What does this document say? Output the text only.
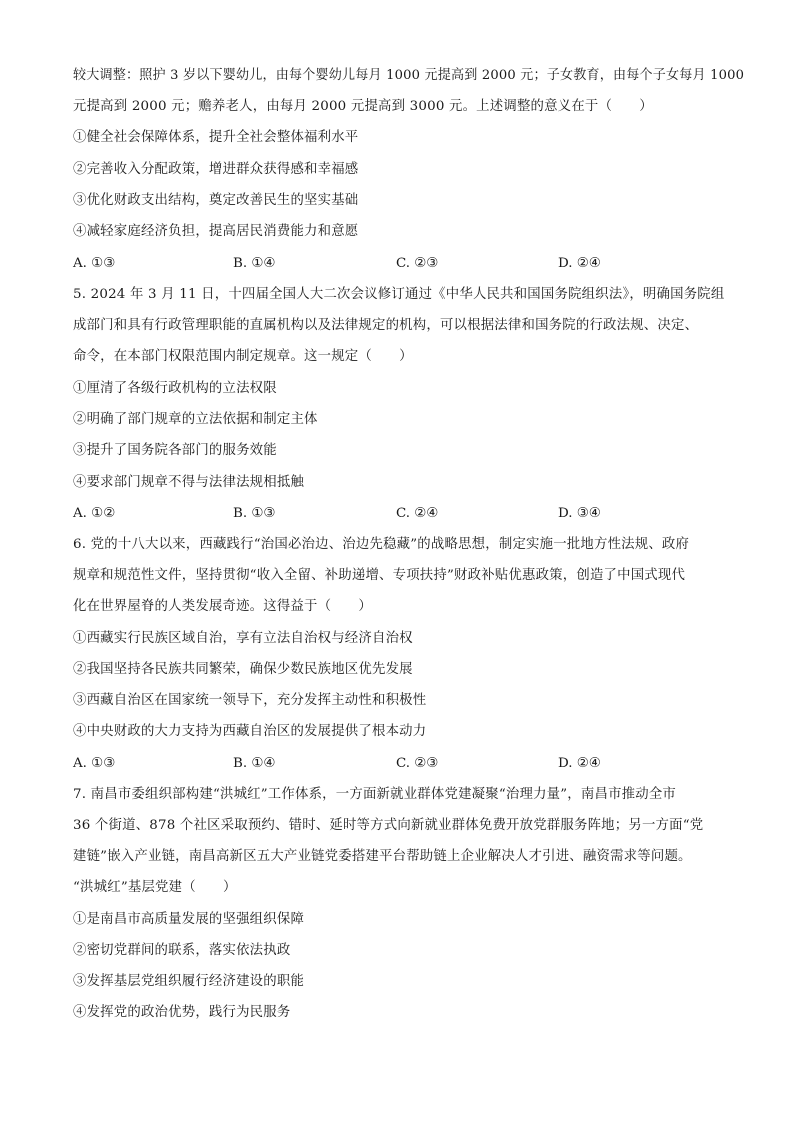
较大调整：照护 3 岁以下婴幼儿，由每个婴幼儿每月 1000 元提高到 2000 元；子女教育，由每个子女每月 1000
元提高到 2000 元；赡养老人，由每月 2000 元提高到 3000 元。上述调整的意义在于（　　）
①健全社会保障体系，提升全社会整体福利水平
②完善收入分配政策，增进群众获得感和幸福感
③优化财政支出结构，奠定改善民生的坚实基础
④减轻家庭经济负担，提高居民消费能力和意愿
A. ①③	B. ①④	C. ②③	D. ②④
5. 2024 年 3 月 11 日，十四届全国人大二次会议修订通过《中华人民共和国国务院组织法》，明确国务院组
成部门和具有行政管理职能的直属机构以及法律规定的机构，可以根据法律和国务院的行政法规、决定、
命令，在本部门权限范围内制定规章。这一规定（　　）
①厘清了各级行政机构的立法权限
②明确了部门规章的立法依据和制定主体
③提升了国务院各部门的服务效能
④要求部门规章不得与法律法规相抵触
A. ①②	B. ①③	C. ②④	D. ③④
6. 党的十八大以来，西藏践行“治国必治边、治边先稳藏”的战略思想，制定实施一批地方性法规、政府
规章和规范性文件，坚持贯彻“收入全留、补助递增、专项扶持”财政补贴优惠政策，创造了中国式现代
化在世界屋脊的人类发展奇迹。这得益于（　　）
①西藏实行民族区域自治，享有立法自治权与经济自治权
②我国坚持各民族共同繁荣，确保少数民族地区优先发展
③西藏自治区在国家统一领导下，充分发挥主动性和积极性
④中央财政的大力支持为西藏自治区的发展提供了根本动力
A. ①③	B. ①④	C. ②③	D. ②④
7. 南昌市委组织部构建“洪城红”工作体系，一方面新就业群体党建凝聚“治理力量”，南昌市推动全市
36 个街道、878 个社区采取预约、错时、延时等方式向新就业群体免费开放党群服务阵地；另一方面“党
建链”嵌入产业链，南昌高新区五大产业链党委搭建平台帮助链上企业解决人才引进、融资需求等问题。
“洪城红”基层党建（　　）
①是南昌市高质量发展的坚强组织保障
②密切党群间的联系，落实依法执政
③发挥基层党组织履行经济建设的职能
④发挥党的政治优势，践行为民服务
